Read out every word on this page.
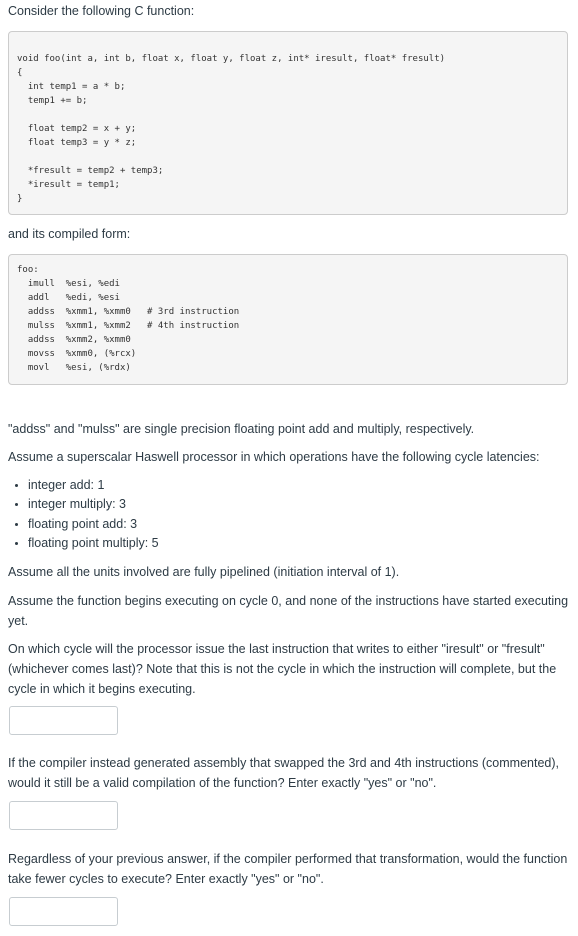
Consider the following C function:

void foo(int a, int b, float x, float y, float z, int* iresult, float* fresult)
{
int temp1 = a * b;
temp1 += b;

float temp2 = x + y;
float temp3 = y * z;

*fresult = temp2 + temp3;
*iresult = temp1;
}

and its compiled form:

foo:
imull  %esi, %edi
addl   %edi, %esi
addss  %xmm1, %xmm0   # 3rd instruction
mulss  %xmm1, %xmm2   # 4th instruction
addss  %xmm2, %xmm0
movss  %xmm0, (%rcx)
movl   %esi, (%rdx)

"addss" and "mulss" are single precision floating point add and multiply, respectively.

Assume a superscalar Haswell processor in which operations have the following cycle latencies:

integer add: 1
integer multiply: 3
floating point add: 3
floating point multiply: 5

Assume all the units involved are fully pipelined (initiation interval of 1).

Assume the function begins executing on cycle 0, and none of the instructions have started executing yet.

On which cycle will the processor issue the last instruction that writes to either "iresult" or "fresult" (whichever comes last)? Note that this is not the cycle in which the instruction will complete, but the cycle in which it begins executing.

If the compiler instead generated assembly that swapped the 3rd and 4th instructions (commented), would it still be a valid compilation of the function? Enter exactly "yes" or "no".

Regardless of your previous answer, if the compiler performed that transformation, would the function take fewer cycles to execute? Enter exactly "yes" or "no".
